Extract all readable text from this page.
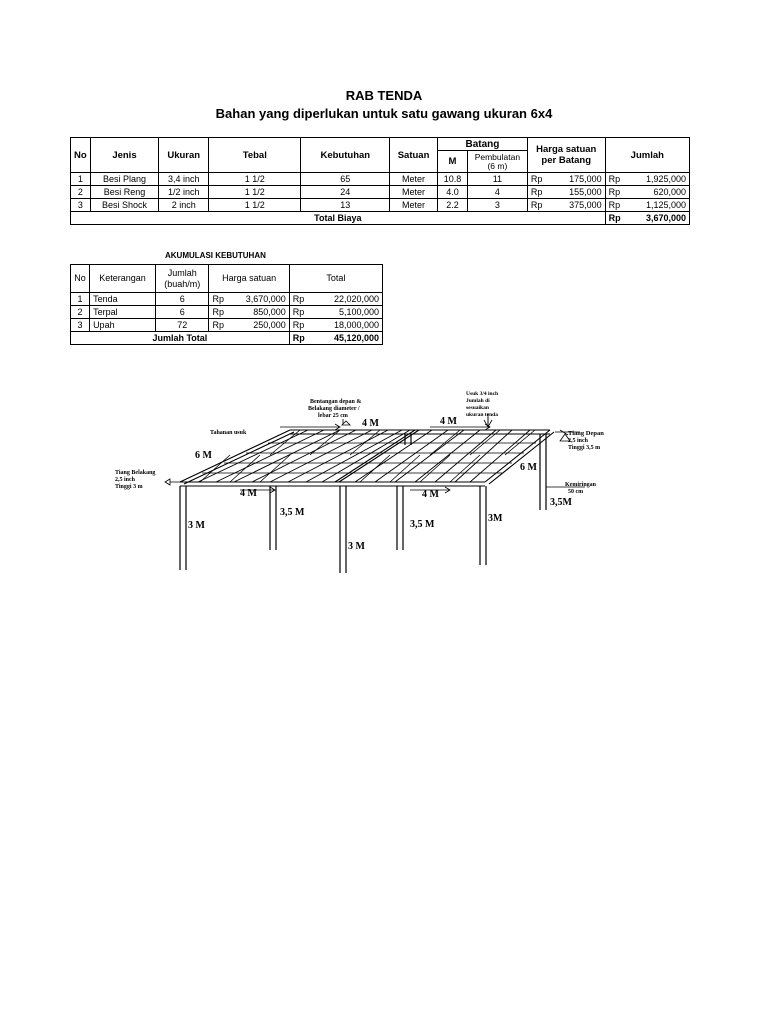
RAB TENDA
Bahan yang diperlukan untuk satu gawang ukuran 6x4
No	Jenis	Ukuran	Tebal	Kebutuhan	Satuan	Batang		Harga satuan per Batang		Jumlah	
						M	Pembulatan (6 m)				
1	Besi Plang	3,4 inch	1 1/2	65	Meter	10.8	11	Rp	175,000	Rp	1,925,000
2	Besi Reng	1/2 inch	1 1/2	24	Meter	4.0	4	Rp	155,000	Rp	620,000
3	Besi Shock	2 inch	1 1/2	13	Meter	2.2	3	Rp	375,000	Rp	1,125,000
Total Biaya										Rp	3,670,000
AKUMULASI KEBUTUHAN
No	Keterangan	Jumlah (buah/m)	Harga satuan		Total	
1	Tenda	6	Rp	3,670,000	Rp	22,020,000
2	Terpal	6	Rp	850,000	Rp	5,100,000
3	Upah	72	Rp	250,000	Rp	18,000,000
Jumlah Total					Rp	45,120,000
Bentangan depan &
Belakang diameter /
lebar 25 cm
Usuk 3/4 inch
Jumlah di
sesuaikan
ukuran tenda
Tahanan usuk	Tiang Depan
2,5 inch
Tinggi 3,5 m
Tiang Belakang
2,5 inch
Tinggi 3 m	Kemiringan
50 cm
4 M	4 M
6 M
6 M
4 M	4 M
3 M
3,5 M
3 M
3,5 M
3M
3,5M
